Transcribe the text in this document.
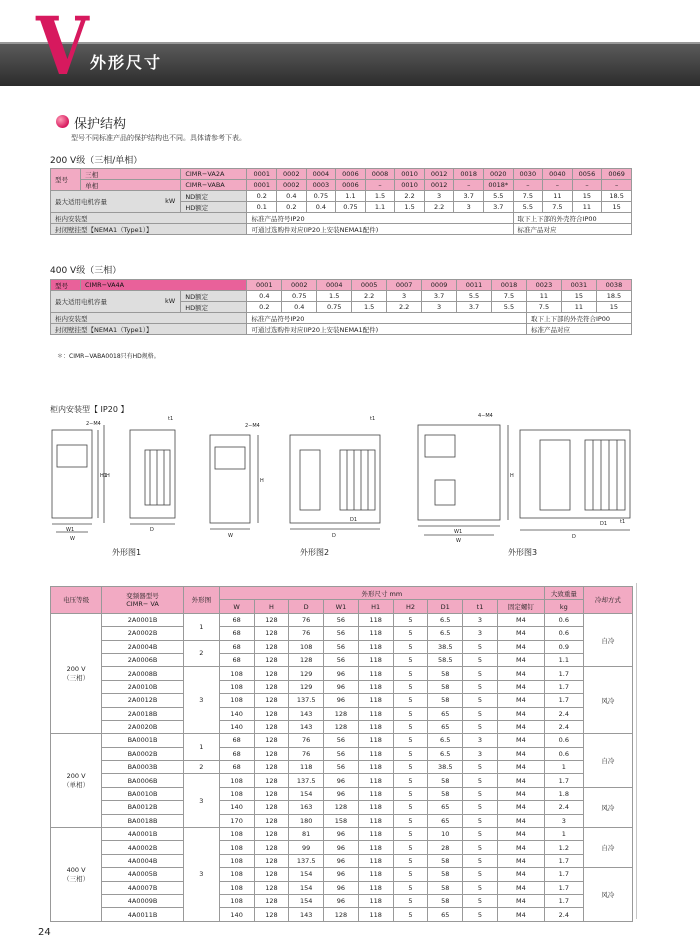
V 外形尺寸
保护结构
型号不同标准产品的保护结构也不同。具体请参考下表。
200 V级（三相/单相）
型号	三相	CIMR−VA2A	0001	0002	0004	0006	0008	0010	0012	0018	0020	0030	0040	0056	0069
	单相	CIMR−VABA	0001	0002	0003	0006	–	0010	0012	–	0018*	–	–	–	–
最大适用电机容量 kW		ND额定	0.2	0.4	0.75	1.1	1.5	2.2	3	3.7	5.5	7.5	11	15	18.5
		HD额定	0.1	0.2	0.4	0.75	1.1	1.5	2.2	3	3.7	5.5	7.5	11	15
柜内安装型			标准产品符号IP20									取下上下部的外壳符合IP00			
封闭壁挂型【NEMA1（Type1）】			可通过选购件对应(IP20上安装NEMA1配件)									标准产品对应			
400 V级（三相）
型号	CIMR−VA4A		0001	0002	0004	0005	0007	0009	0011	0018	0023	0031	0038
最大适用电机容量 kW		ND额定	0.4	0.75	1.5	2.2	3	3.7	5.5	7.5	11	15	18.5
		HD额定	0.2	0.4	0.75	1.5	2.2	3	3.7	5.5	7.5	11	15
柜内安装型			标准产品符号IP20								取下上下部的外壳符合IP00		
封闭壁挂型【NEMA1（Type1）】			可通过选购件对应(IP20上安装NEMA1配件)								标准产品对应		
＊：CIMR−VABA0018只有HD规格。
柜内安装型【 IP20 】
2−M4
W1
W
H1 H
D
t1
2−M4
W
H
D1
D
t1	4−M4
W1
W
H
D1
D
t1
外形图1	外形图2	外形图3
电压等级	变频器型号
CIMR− VA	外形图	外形尺寸 mm									大致重量	冷却方式
			W	H	D	W1	H1	H2	D1	t1	固定螺钉	kg	
200 V
（三相）	2A0001B	1	68	128	76	56	118	5	6.5	3	M4	0.6	自冷
	2A0002B		68	128	76	56	118	5	6.5	3	M4	0.6	
	2A0004B	2	68	128	108	56	118	5	38.5	5	M4	0.9	
	2A0006B		68	128	128	56	118	5	58.5	5	M4	1.1	
	2A0008B	3	108	128	129	96	118	5	58	5	M4	1.7	风冷
	2A0010B		108	128	129	96	118	5	58	5	M4	1.7	
	2A0012B		108	128	137.5	96	118	5	58	5	M4	1.7	
	2A0018B		140	128	143	128	118	5	65	5	M4	2.4	
	2A0020B		140	128	143	128	118	5	65	5	M4	2.4	
200 V
（单相）	BA0001B	1	68	128	76	56	118	5	6.5	3	M4	0.6	自冷
	BA0002B		68	128	76	56	118	5	6.5	3	M4	0.6	
	BA0003B	2	68	128	118	56	118	5	38.5	5	M4	1	
	BA0006B	3	108	128	137.5	96	118	5	58	5	M4	1.7	
	BA0010B		108	128	154	96	118	5	58	5	M4	1.8	风冷
	BA0012B		140	128	163	128	118	5	65	5	M4	2.4	
	BA0018B		170	128	180	158	118	5	65	5	M4	3	
400 V
（三相）	4A0001B	3	108	128	81	96	118	5	10	5	M4	1	自冷
	4A0002B		108	128	99	96	118	5	28	5	M4	1.2	
	4A0004B		108	128	137.5	96	118	5	58	5	M4	1.7	
	4A0005B		108	128	154	96	118	5	58	5	M4	1.7	风冷
	4A0007B		108	128	154	96	118	5	58	5	M4	1.7	
	4A0009B		108	128	154	96	118	5	58	5	M4	1.7	
	4A0011B		140	128	143	128	118	5	65	5	M4	2.4	
24
